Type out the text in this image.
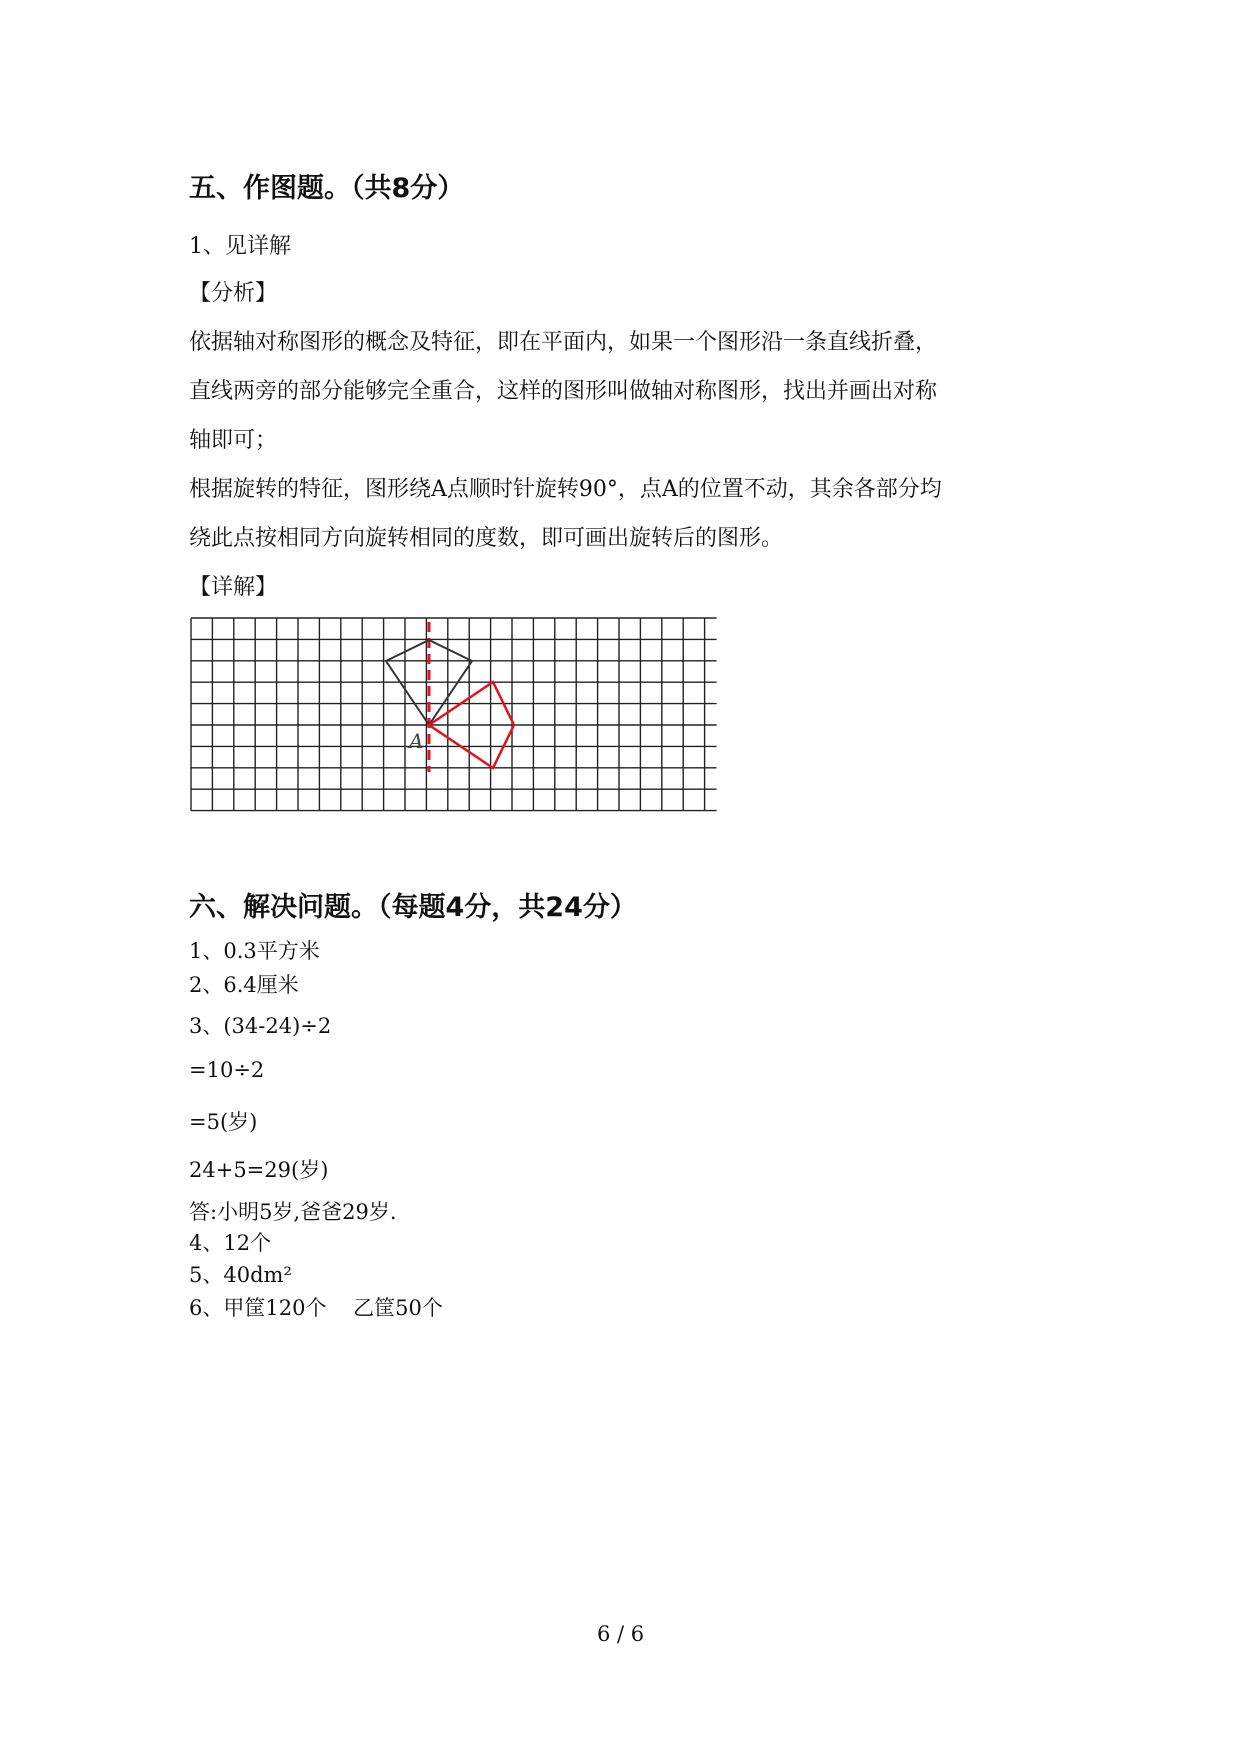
五、作图题。（共8分）
1、见详解
【分析】
依据轴对称图形的概念及特征，即在平面内，如果一个图形沿一条直线折叠，
直线两旁的部分能够完全重合，这样的图形叫做轴对称图形，找出并画出对称
轴即可；
根据旋转的特征，图形绕A点顺时针旋转90°，点A的位置不动，其余各部分均
绕此点按相同方向旋转相同的度数，即可画出旋转后的图形。
【详解】
A
六、解决问题。（每题4分，共24分）
1、0.3平方米
2、6.4厘米
3、(34-24)÷2
=10÷2
=5(岁)
24+5=29(岁)
答:小明5岁,爸爸29岁.
4、12个
5、40dm²
6、甲筐120个    乙筐50个
6 / 6
